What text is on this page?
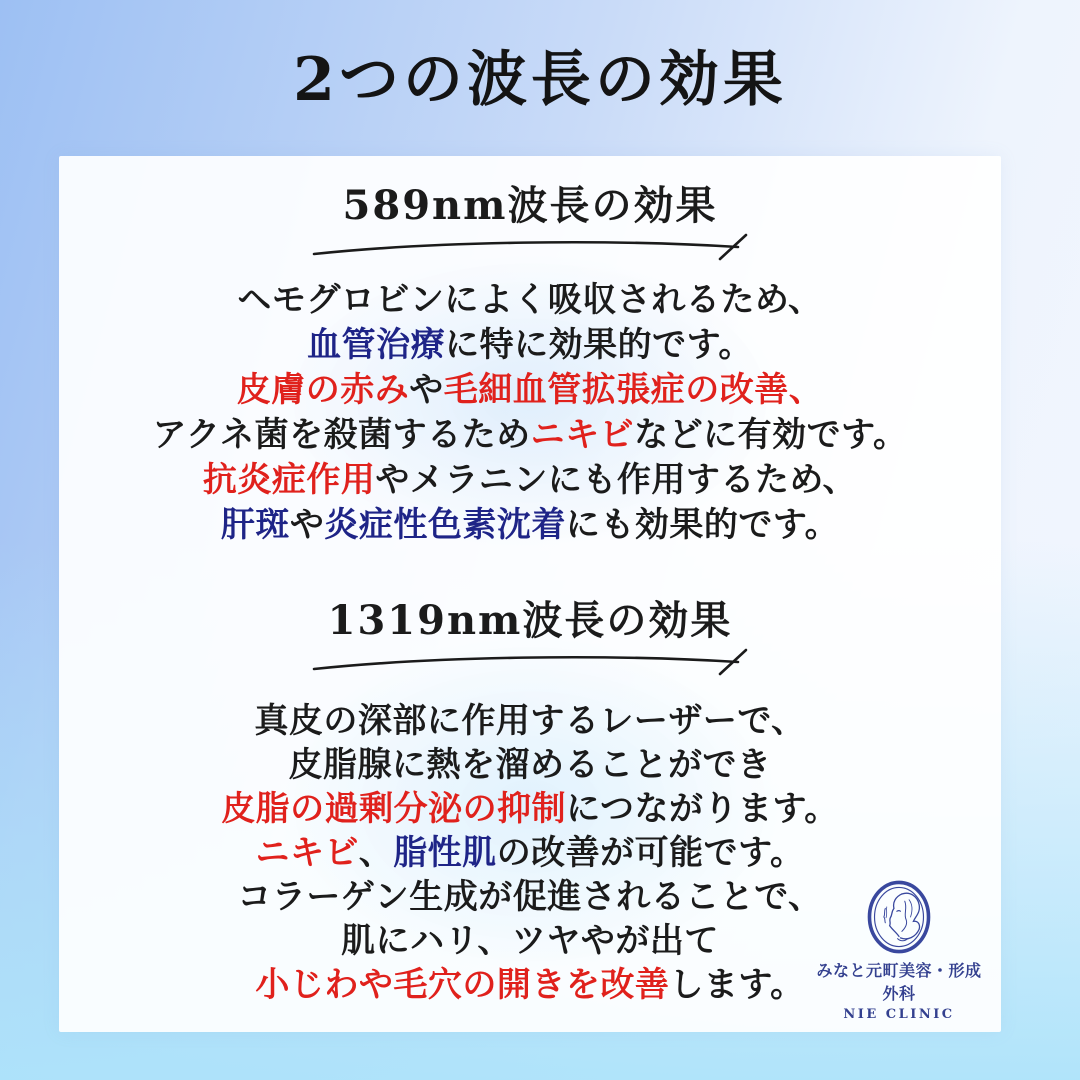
2つの波長の効果
589nm波長の効果
ヘモグロビンによく吸収されるため、
血管治療に特に効果的です。
皮膚の赤みや毛細血管拡張症の改善、
アクネ菌を殺菌するためニキビなどに有効です。
抗炎症作用やメラニンにも作用するため、
肝斑や炎症性色素沈着にも効果的です。
1319nm波長の効果
真皮の深部に作用するレーザーで、
皮脂腺に熱を溜めることができ
皮脂の過剰分泌の抑制につながります。
ニキビ、脂性肌の改善が可能です。
コラーゲン生成が促進されることで、
肌にハリ、ツヤやが出て
小じわや毛穴の開きを改善します。 みなと元町美容・形成外科
NIE CLINIC
